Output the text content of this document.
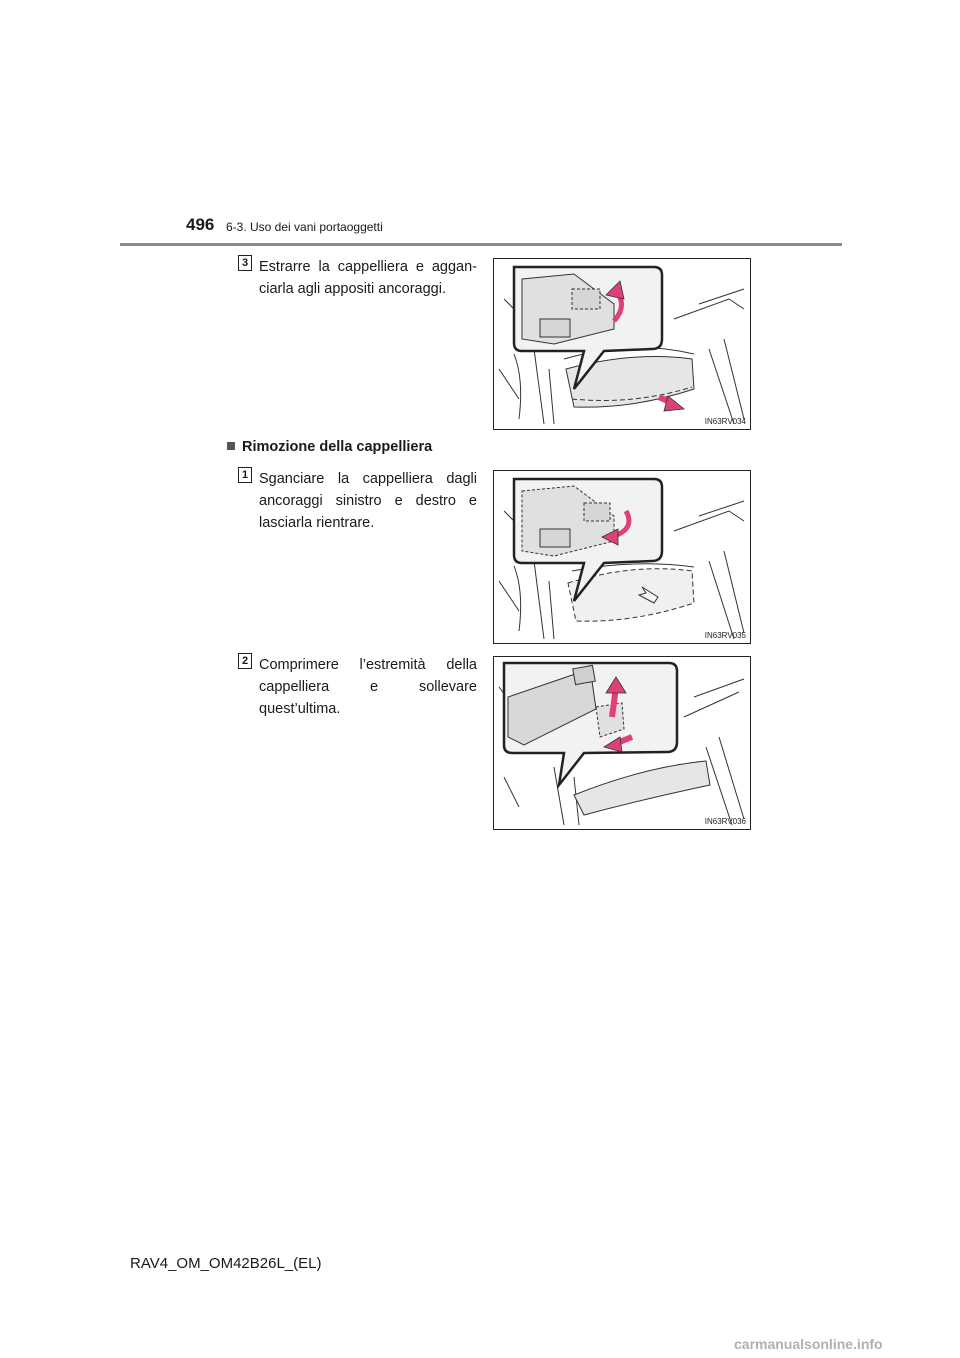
496 6-3. Uso dei vani portaoggetti
3 Estrarre la cappelliera e aggan-ciarla agli appositi ancoraggi.
IN63RV034
Rimozione della cappelliera
1 Sganciare la cappelliera dagli ancoraggi sinistro e destro e lasciarla rientrare.
IN63RV035
2 Comprimere l’estremità della cappelliera e sollevare quest’ultima.
IN63RV036
RAV4_OM_OM42B26L_(EL)
carmanualsonline.info
